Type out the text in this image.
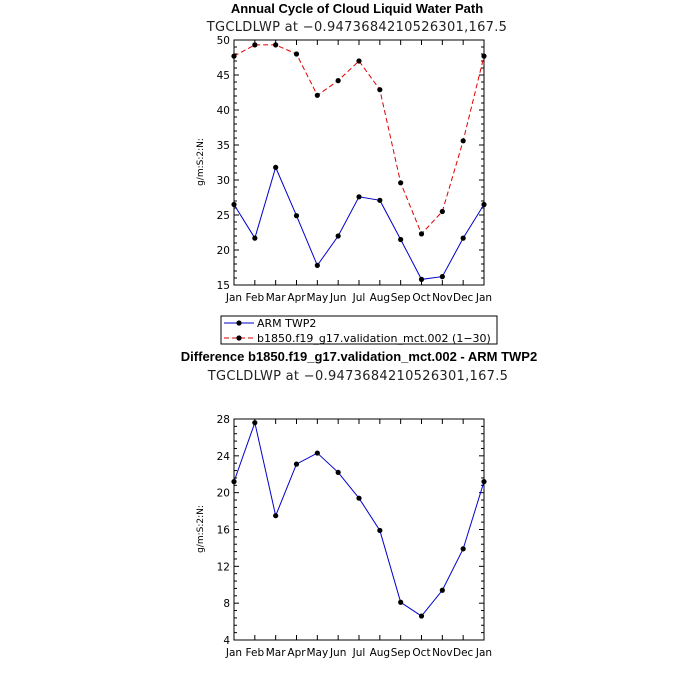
Annual Cycle of Cloud Liquid Water Path
TGCLDLWP at −0.9473684210526301,167.5
g/m:S:2:N:
15
20
25
30
35
40
45
50
Jan Feb Mar Apr May Jun Jul Aug Sep Oct Nov Dec Jan
ARM TWP2
b1850.f19_g17.validation_mct.002 (1−30)
Difference b1850.f19_g17.validation_mct.002 - ARM TWP2
TGCLDLWP at −0.9473684210526301,167.5
g/m:S:2:N:
4
8
12
16
20
24
28
Jan Feb Mar Apr May Jun Jul Aug Sep Oct Nov Dec Jan
